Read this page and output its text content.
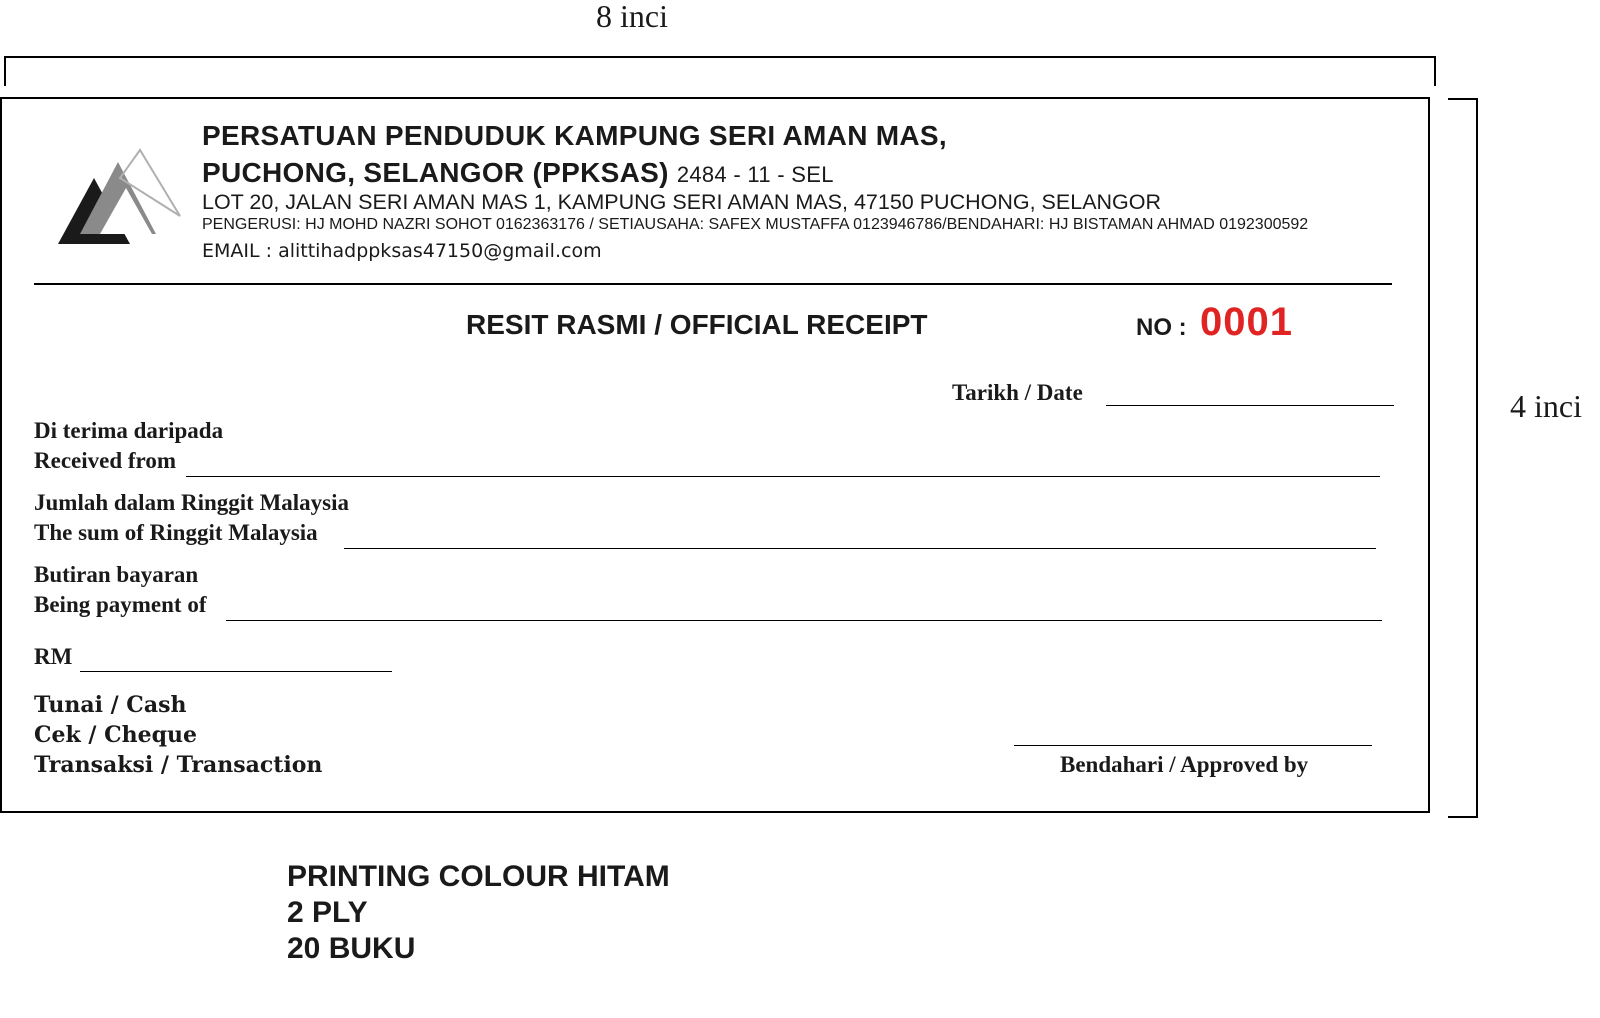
8 inci
4 inci
PERSATUAN PENDUDUK KAMPUNG SERI AMAN MAS,
PUCHONG, SELANGOR (PPKSAS) 2484 - 11 - SEL
LOT 20, JALAN SERI AMAN MAS 1, KAMPUNG SERI AMAN MAS, 47150 PUCHONG, SELANGOR
PENGERUSI: HJ MOHD NAZRI SOHOT 0162363176 / SETIAUSAHA: SAFEX MUSTAFFA 0123946786/BENDAHARI: HJ BISTAMAN AHMAD 0192300592
EMAIL : alittihadppksas47150@gmail.com
RESIT RASMI / OFFICIAL RECEIPT	NO : 0001
Tarikh / Date
Di terima daripada
Received from
Jumlah dalam Ringgit Malaysia
The sum of Ringgit Malaysia
Butiran bayaran
Being payment of
RM
Tunai / Cash
Cek / Cheque
Transaksi / Transaction	Bendahari / Approved by
PRINTING COLOUR HITAM
2 PLY
20 BUKU
